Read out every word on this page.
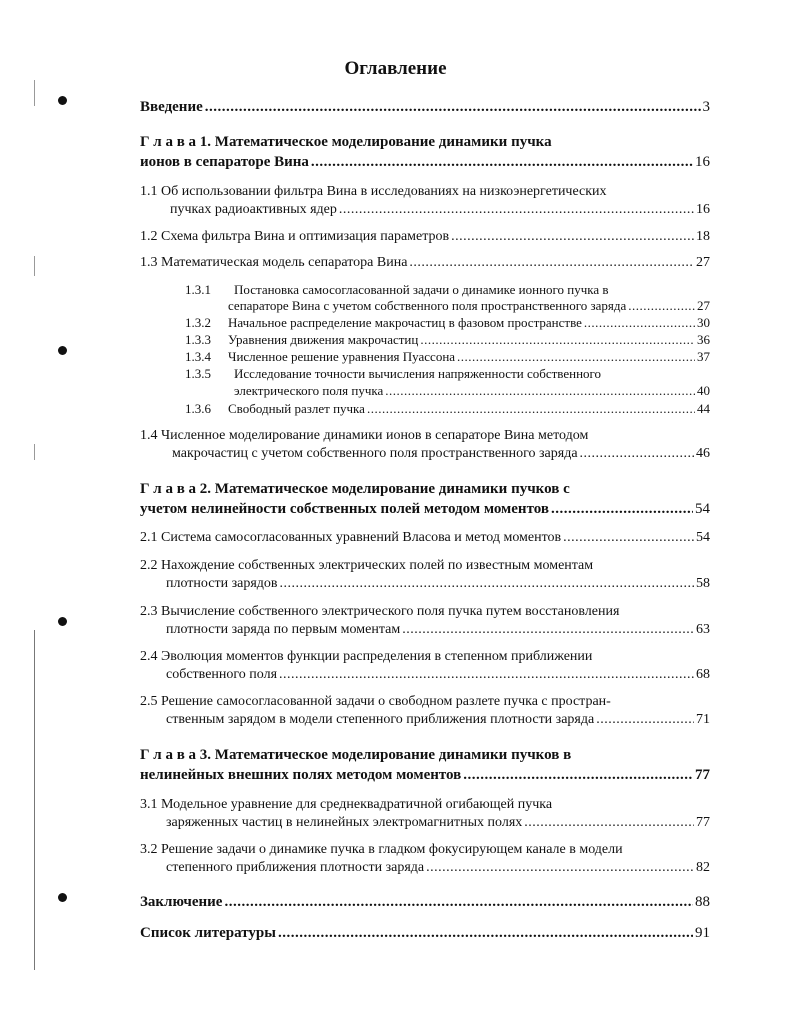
Оглавление
Введение .....	3
Г л а в а 1. Математическое моделирование динамики пучка
ионов в сепараторе Вина .....	16
1.1 Об использовании фильтра Вина в исследованиях на низкоэнергетических
пучках радиоактивных ядер .....	16
1.2 Схема фильтра Вина и оптимизация параметров .....	18
1.3 Математическая модель сепаратора Вина .....	27
1.3.1 Постановка самосогласованной задачи о динамике ионного пучка в
сепараторе Вина с учетом собственного поля пространственного заряда .....	27
1.3.2 Начальное распределение макрочастиц в фазовом пространстве .....	30
1.3.3 Уравнения движения макрочастиц .....	36
1.3.4 Численное решение уравнения Пуассона .....	37
1.3.5 Исследование точности вычисления напряженности собственного
электрического поля пучка .....	40
1.3.6 Свободный разлет пучка .....	44
1.4 Численное моделирование динамики ионов в сепараторе Вина методом
макрочастиц с учетом собственного поля пространственного заряда .....	46
Г л а в а 2. Математическое моделирование динамики пучков с
учетом нелинейности собственных полей методом моментов .....	54
2.1 Система самосогласованных уравнений Власова и метод моментов .....	54
2.2 Нахождение собственных электрических полей по известным моментам
плотности зарядов .....	58
2.3 Вычисление собственного электрического поля пучка путем восстановления
плотности заряда по первым моментам .....	63
2.4 Эволюция моментов функции распределения в степенном приближении
собственного поля .....	68
2.5 Решение самосогласованной задачи о свободном разлете пучка с простран-
ственным зарядом в модели степенного приближения плотности заряда .....	71
Г л а в а 3. Математическое моделирование динамики пучков в
нелинейных внешних полях методом моментов .....	77
3.1 Модельное уравнение для среднеквадратичной огибающей пучка
заряженных частиц в нелинейных электромагнитных полях .....	77
3.2 Решение задачи о динамике пучка в гладком фокусирующем канале в модели
степенного приближения плотности заряда .....	82
Заключение .....	88
Список литературы .....	91
